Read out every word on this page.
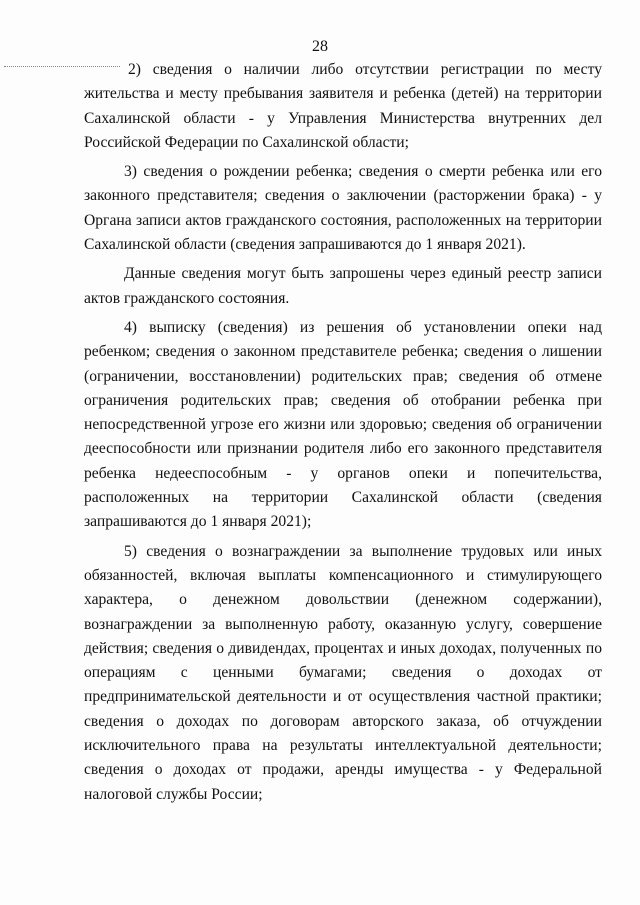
28

2) сведения о наличии либо отсутствии регистрации по месту жительства и месту пребывания заявителя и ребенка (детей) на территории Сахалинской области - у Управления Министерства внутренних дел Российской Федерации по Сахалинской области;

3) сведения о рождении ребенка; сведения о смерти ребенка или его законного представителя; сведения о заключении (расторжении брака) - у Органа записи актов гражданского состояния, расположенных на территории Сахалинской области (сведения запрашиваются до 1 января 2021).

Данные сведения могут быть запрошены через единый реестр записи актов гражданского состояния.

4) выписку (сведения) из решения об установлении опеки над ребенком; сведения о законном представителе ребенка; сведения о лишении (ограничении, восстановлении) родительских прав; сведения об отмене ограничения родительских прав; сведения об отобрании ребенка при непосредственной угрозе его жизни или здоровью; сведения об ограничении дееспособности или признании родителя либо его законного представителя ребенка недееспособным - у органов опеки и попечительства, расположенных на территории Сахалинской области (сведения запрашиваются до 1 января 2021);

5) сведения о вознаграждении за выполнение трудовых или иных обязанностей, включая выплаты компенсационного и стимулирующего характера, о денежном довольствии (денежном содержании), вознаграждении за выполненную работу, оказанную услугу, совершение действия; сведения о дивидендах, процентах и иных доходах, полученных по операциям с ценными бумагами; сведения о доходах от предпринимательской деятельности и от осуществления частной практики; сведения о доходах по договорам авторского заказа, об отчуждении исключительного права на результаты интеллектуальной деятельности; сведения о доходах от продажи, аренды имущества - у Федеральной налоговой службы России;
